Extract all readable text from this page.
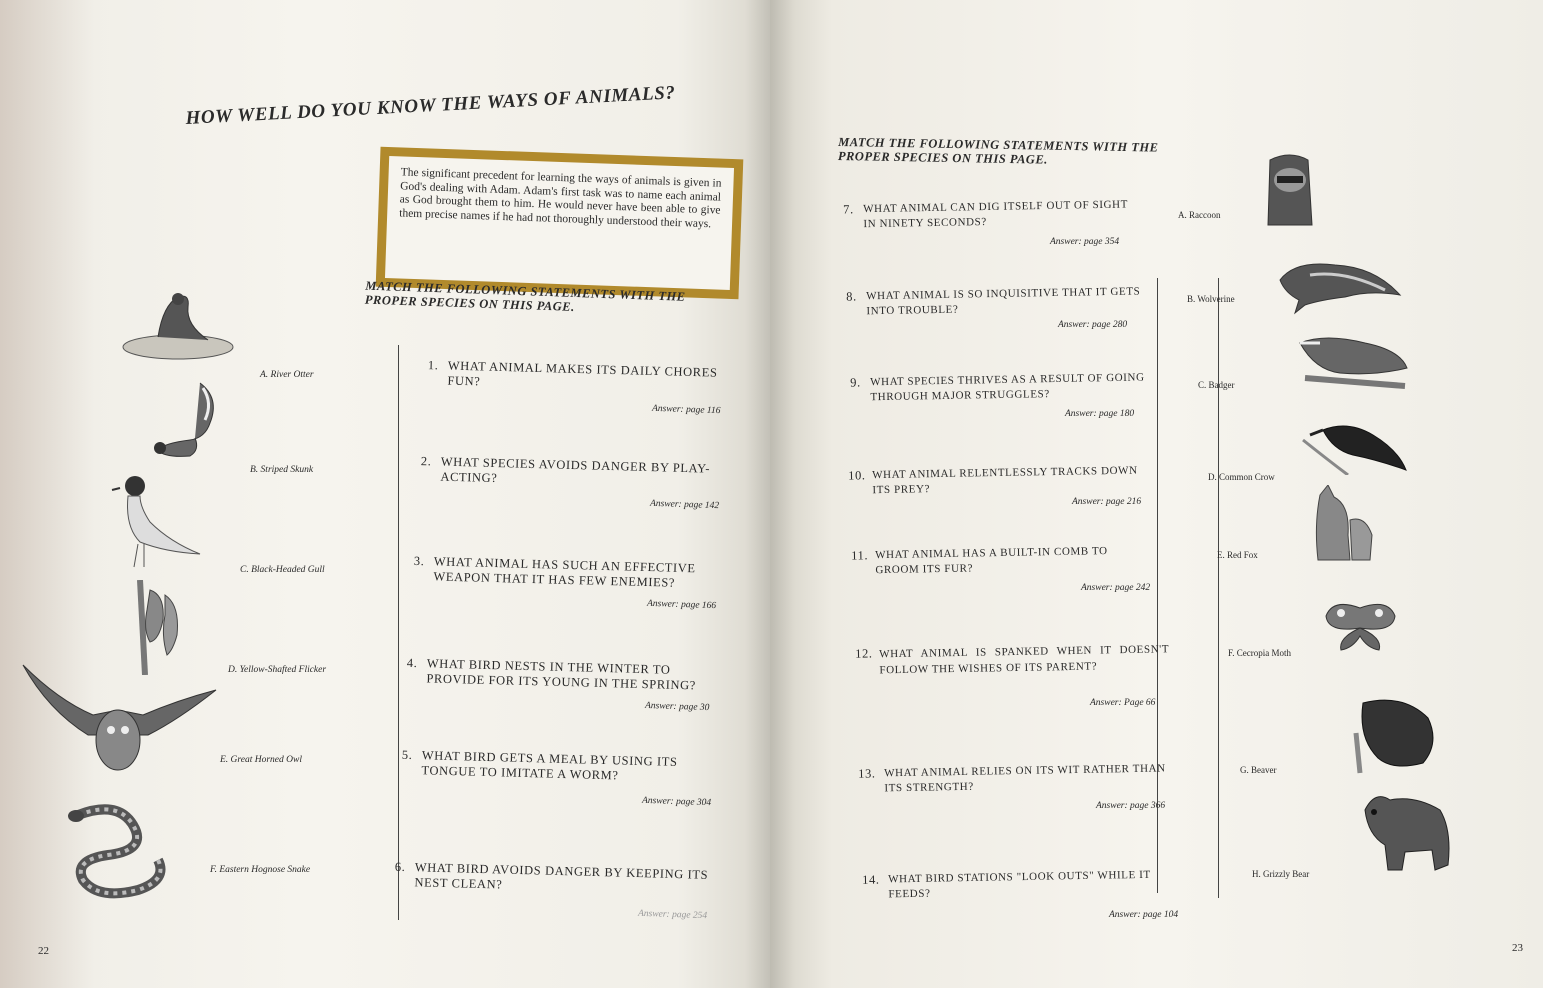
HOW WELL DO YOU KNOW THE WAYS OF ANIMALS?

The significant precedent for learning the ways of animals is given in God's dealing with Adam. Adam's first task was to name each animal as God brought them to him. He would never have been able to give them precise names if he had not thoroughly understood their ways.

MATCH THE FOLLOWING STATEMENTS WITH THE PROPER SPECIES ON THIS PAGE.
A. River Otter
B. Striped Skunk
C. Black-Headed Gull
D. Yellow-Shafted Flicker
E. Great Horned Owl
F. Eastern Hognose Snake
1. WHAT ANIMAL MAKES ITS DAILY CHORES FUN?
Answer: page 116
2. WHAT SPECIES AVOIDS DANGER BY PLAY-ACTING?
Answer: page 142
3. WHAT ANIMAL HAS SUCH AN EFFECTIVE WEAPON THAT IT HAS FEW ENEMIES?
Answer: page 166
4. WHAT BIRD NESTS IN THE WINTER TO PROVIDE FOR ITS YOUNG IN THE SPRING?
Answer: page 30
5. WHAT BIRD GETS A MEAL BY USING ITS TONGUE TO IMITATE A WORM?
Answer: page 304
6. WHAT BIRD AVOIDS DANGER BY KEEPING ITS NEST CLEAN?
Answer: page 254
22
MATCH THE FOLLOWING STATEMENTS WITH THE PROPER SPECIES ON THIS PAGE.
7. WHAT ANIMAL CAN DIG ITSELF OUT OF SIGHT IN NINETY SECONDS?
Answer: page 354
8. WHAT ANIMAL IS SO INQUISITIVE THAT IT GETS INTO TROUBLE?
Answer: page 280
9. WHAT SPECIES THRIVES AS A RESULT OF GOING THROUGH MAJOR STRUGGLES?
Answer: page 180
10. WHAT ANIMAL RELENTLESSLY TRACKS DOWN ITS PREY?
Answer: page 216
11. WHAT ANIMAL HAS A BUILT-IN COMB TO GROOM ITS FUR?
Answer: page 242
12. WHAT ANIMAL IS SPANKED WHEN IT DOESN'T FOLLOW THE WISHES OF ITS PARENT?
Answer: Page 66
13. WHAT ANIMAL RELIES ON ITS WIT RATHER THAN ITS STRENGTH?
Answer: page 366
14. WHAT BIRD STATIONS "LOOK OUTS" WHILE IT FEEDS?
Answer: page 104
A. Raccoon
B. Wolverine
C. Badger
D. Common Crow
E. Red Fox
F. Cecropia Moth
G. Beaver
H. Grizzly Bear
23
